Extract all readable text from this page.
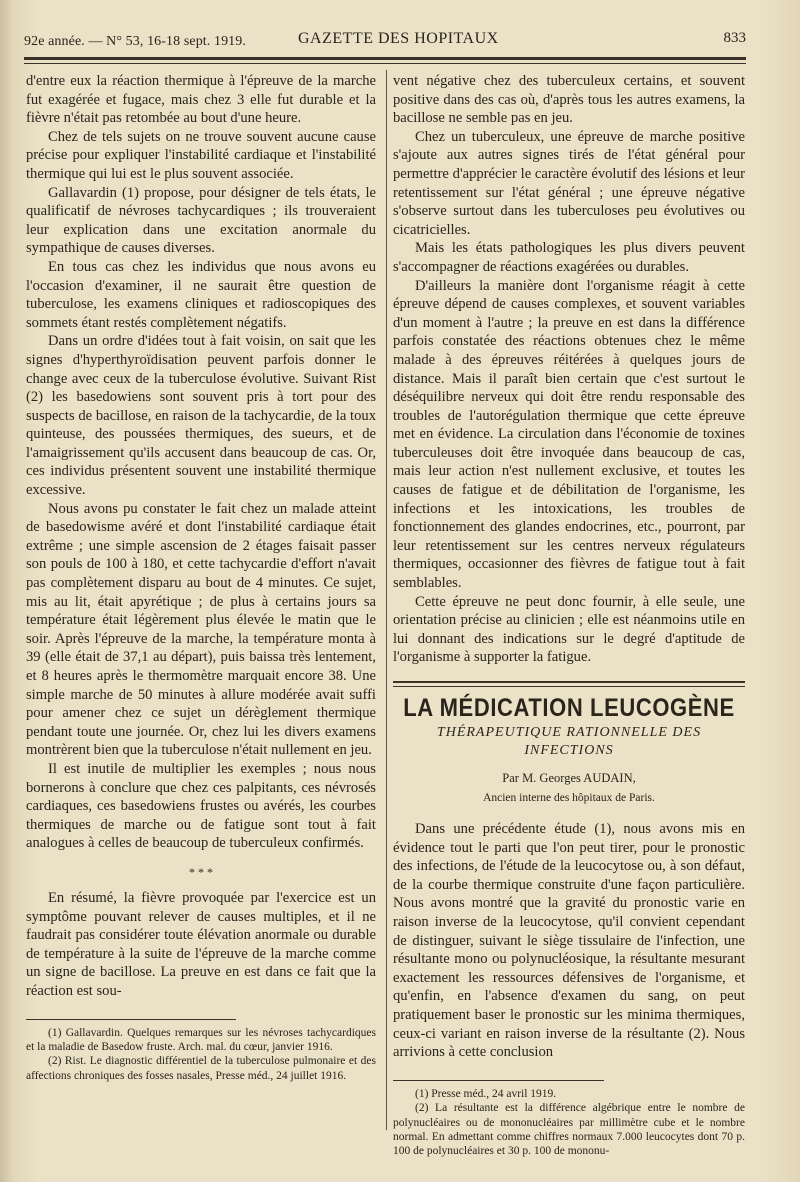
92e année. — N° 53, 16-18 sept. 1919.	GAZETTE DES HOPITAUX	833

d'entre eux la réaction thermique à l'épreuve de la marche fut exagérée et fugace, mais chez 3 elle fut durable et la fièvre n'était pas retombée au bout d'une heure.

Chez de tels sujets on ne trouve souvent aucune cause précise pour expliquer l'instabilité cardiaque et l'instabilité thermique qui lui est le plus souvent associée.

Gallavardin (1) propose, pour désigner de tels états, le qualificatif de névroses tachycardiques ; ils trouveraient leur explication dans une excitation anormale du sympathique de causes diverses.

En tous cas chez les individus que nous avons eu l'occasion d'examiner, il ne saurait être question de tuberculose, les examens cliniques et radioscopiques des sommets étant restés complètement négatifs.

Dans un ordre d'idées tout à fait voisin, on sait que les signes d'hyperthyroïdisation peuvent parfois donner le change avec ceux de la tuberculose évolutive. Suivant Rist (2) les basedowiens sont souvent pris à tort pour des suspects de bacillose, en raison de la tachycardie, de la toux quinteuse, des poussées thermiques, des sueurs, et de l'amaigrissement qu'ils accusent dans beaucoup de cas. Or, ces individus présentent souvent une instabilité thermique excessive.

Nous avons pu constater le fait chez un malade atteint de basedowisme avéré et dont l'instabilité cardiaque était extrême ; une simple ascension de 2 étages faisait passer son pouls de 100 à 180, et cette tachycardie d'effort n'avait pas complètement disparu au bout de 4 minutes. Ce sujet, mis au lit, était apyrétique ; de plus à certains jours sa température était légèrement plus élevée le matin que le soir. Après l'épreuve de la marche, la température monta à 39 (elle était de 37,1 au départ), puis baissa très lentement, et 8 heures après le thermomètre marquait encore 38. Une simple marche de 50 minutes à allure modérée avait suffi pour amener chez ce sujet un dérèglement thermique pendant toute une journée. Or, chez lui les divers examens montrèrent bien que la tuberculose n'était nullement en jeu.

Il est inutile de multiplier les exemples ; nous nous bornerons à conclure que chez ces palpitants, ces névrosés cardiaques, ces basedowiens frustes ou avérés, les courbes thermiques de marche ou de fatigue sont tout à fait analogues à celles de beaucoup de tuberculeux confirmés.

* * *

En résumé, la fièvre provoquée par l'exercice est un symptôme pouvant relever de causes multiples, et il ne faudrait pas considérer toute élévation anormale ou durable de température à la suite de l'épreuve de la marche comme un signe de bacillose. La preuve en est dans ce fait que la réaction est sou-

(1) Gallavardin. Quelques remarques sur les névroses tachycardiques et la maladie de Basedow fruste. Arch. mal. du cœur, janvier 1916.

(2) Rist. Le diagnostic différentiel de la tuberculose pulmonaire et des affections chroniques des fosses nasales, Presse méd., 24 juillet 1916.

vent négative chez des tuberculeux certains, et souvent positive dans des cas où, d'après tous les autres examens, la bacillose ne semble pas en jeu.

Chez un tuberculeux, une épreuve de marche positive s'ajoute aux autres signes tirés de l'état général pour permettre d'apprécier le caractère évolutif des lésions et leur retentissement sur l'état général ; une épreuve négative s'observe surtout dans les tuberculoses peu évolutives ou cicatricielles.

Mais les états pathologiques les plus divers peuvent s'accompagner de réactions exagérées ou durables.

D'ailleurs la manière dont l'organisme réagit à cette épreuve dépend de causes complexes, et souvent variables d'un moment à l'autre ; la preuve en est dans la différence parfois constatée des réactions obtenues chez le même malade à des épreuves réitérées à quelques jours de distance. Mais il paraît bien certain que c'est surtout le déséquilibre nerveux qui doit être rendu responsable des troubles de l'autorégulation thermique que cette épreuve met en évidence. La circulation dans l'économie de toxines tuberculeuses doit être invoquée dans beaucoup de cas, mais leur action n'est nullement exclusive, et toutes les causes de fatigue et de débilitation de l'organisme, les infections et les intoxications, les troubles de fonctionnement des glandes endocrines, etc., pourront, par leur retentissement sur les centres nerveux régulateurs thermiques, occasionner des fièvres de fatigue tout à fait semblables.

Cette épreuve ne peut donc fournir, à elle seule, une orientation précise au clinicien ; elle est néanmoins utile en lui donnant des indications sur le degré d'aptitude de l'organisme à supporter la fatigue.

LA MÉDICATION LEUCOGÈNE
THÉRAPEUTIQUE RATIONNELLE DES INFECTIONS
Par M. Georges AUDAIN,
Ancien interne des hôpitaux de Paris.

Dans une précédente étude (1), nous avons mis en évidence tout le parti que l'on peut tirer, pour le pronostic des infections, de l'étude de la leucocytose ou, à son défaut, de la courbe thermique construite d'une façon particulière. Nous avons montré que la gravité du pronostic varie en raison inverse de la leucocytose, qu'il convient cependant de distinguer, suivant le siège tissulaire de l'infection, une résultante mono ou polynucléosique, la résultante mesurant exactement les ressources défensives de l'organisme, et qu'enfin, en l'absence d'examen du sang, on peut pratiquement baser le pronostic sur les minima thermiques, ceux-ci variant en raison inverse de la résultante (2). Nous arrivions à cette conclusion

(1) Presse méd., 24 avril 1919.

(2) La résultante est la différence algébrique entre le nombre de polynucléaires ou de mononucléaires par millimètre cube et le nombre normal. En admettant comme chiffres normaux 7.000 leucocytes dont 70 p. 100 de polynucléaires et 30 p. 100 de mononu-
